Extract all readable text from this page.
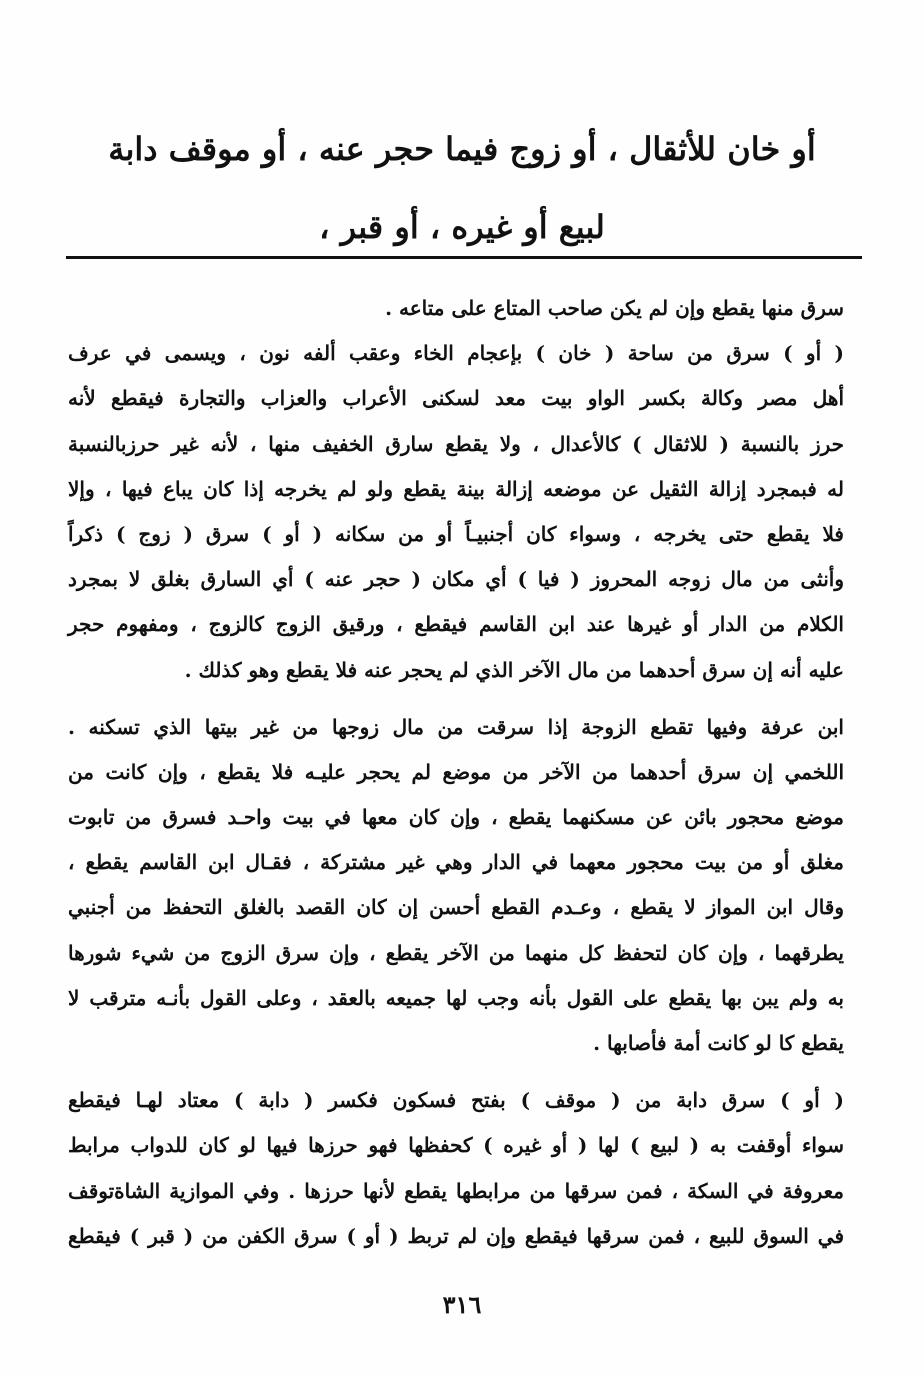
أو خان للأثقال ، أو زوج فيما حجر عنه ، أو موقف دابة
لبيع أو غيره ، أو قبر ،
سرق منها يقطع وإن لم يكن صاحب المتاع على متاعه .
( أو ) سرق من ساحة ( خان ) بإعجام الخاء وعقب ألفه نون ، ويسمى في عرف
أهل مصر وكالة بكسر الواو بيت معد لسكنى الأعراب والعزاب والتجارة فيقطع لأنه
حرز بالنسبة ( للاثقال ) كالأعدال ، ولا يقطع سارق الخفيف منها ، لأنه غير حرزبالنسبة
له فبمجرد إزالة الثقيل عن موضعه إزالة بينة يقطع ولو لم يخرجه إذا كان يباع فيها ، وإلا
فلا يقطع حتى يخرجه ، وسواء كان أجنبيـاً أو من سكانه ( أو ) سرق ( زوج ) ذكراً
وأنثى من مال زوجه المحروز ( فيا ) أي مكان ( حجر عنه ) أي السارق بغلق لا بمجرد
الكلام من الدار أو غيرها عند ابن القاسم فيقطع ، ورقيق الزوج كالزوج ، ومفهوم حجر
عليه أنه إن سرق أحدهما من مال الآخر الذي لم يحجر عنه فلا يقطع وهو كذلك .
ابن عرفة وفيها تقطع الزوجة إذا سرقت من مال زوجها من غير بيتها الذي تسكنه .
اللخمي إن سرق أحدهما من الآخر من موضع لم يحجر عليـه فلا يقطع ، وإن كانت من
موضع محجور بائن عن مسكنهما يقطع ، وإن كان معها في بيت واحـد فسرق من تابوت
مغلق أو من بيت محجور معهما في الدار وهي غير مشتركة ، فقـال ابن القاسم يقطع ،
وقال ابن المواز لا يقطع ، وعـدم القطع أحسن إن كان القصد بالغلق التحفظ من أجنبي
يطرقهما ، وإن كان لتحفظ كل منهما من الآخر يقطع ، وإن سرق الزوج من شيء شورها
به ولم يبن بها يقطع على القول بأنه وجب لها جميعه بالعقد ، وعلى القول بأنـه مترقب لا
يقطع كا لو كانت أمة فأصابها .
( أو ) سرق دابة من ( موقف ) بفتح فسكون فكسر ( دابة ) معتاد لهـا فيقطع
سواء أوقفت به ( لبيع ) لها ( أو غيره ) كحفظها فهو حرزها فيها لو كان للدواب مرابط
معروفة في السكة ، فمن سرقها من مرابطها يقطع لأنها حرزها . وفي الموازية الشاةتوقف
في السوق للبيع ، فمن سرقها فيقطع وإن لم تربط ( أو ) سرق الكفن من ( قبر ) فيقطع
٣١٦
